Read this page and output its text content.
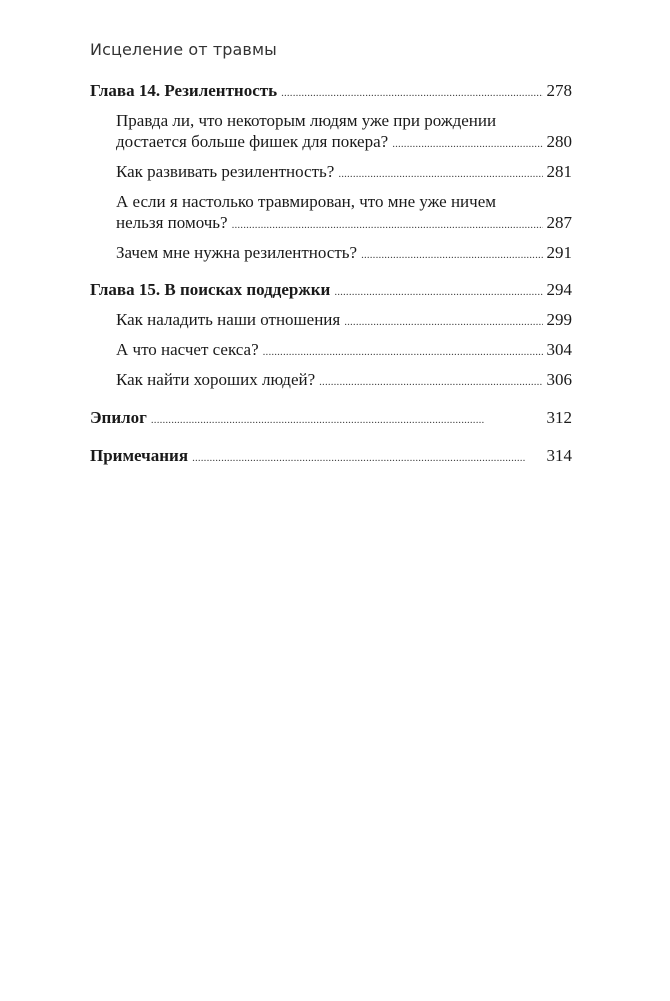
Исцеление от травмы
Глава 14. Резилентность . . .	278
Правда ли, что некоторым людям уже при рождении
достается больше фишек для покера? . . .	280
Как развивать резилентность? . . .	281
А если я настолько травмирован, что мне уже ничем
нельзя помочь? . . .	287
Зачем мне нужна резилентность? . . .	291
Глава 15. В поисках поддержки . . .	294
Как наладить наши отношения . . .	299
А что насчет секса? . . .	304
Как найти хороших людей? . . .	306
Эпилог . . .	312
Примечания . . .	314
